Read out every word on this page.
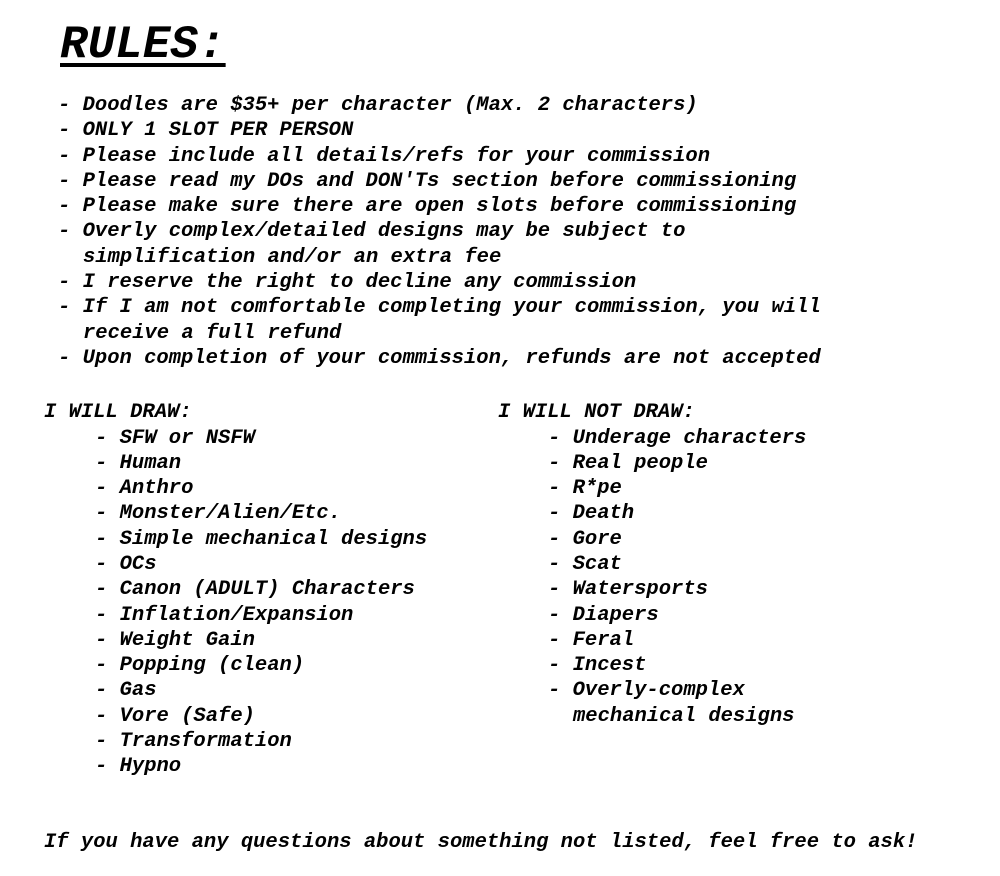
RULES:
- Doodles are $35+ per character (Max. 2 characters)
- ONLY 1 SLOT PER PERSON
- Please include all details/refs for your commission
- Please read my DOs and DON'Ts section before commissioning
- Please make sure there are open slots before commissioning
- Overly complex/detailed designs may be subject to
simplification and/or an extra fee
- I reserve the right to decline any commission
- If I am not comfortable completing your commission, you will
receive a full refund
- Upon completion of your commission, refunds are not accepted
I WILL DRAW:
- SFW or NSFW
- Human
- Anthro
- Monster/Alien/Etc.
- Simple mechanical designs
- OCs
- Canon (ADULT) Characters
- Inflation/Expansion
- Weight Gain
- Popping (clean)
- Gas
- Vore (Safe)
- Transformation
- Hypno
I WILL NOT DRAW:
- Underage characters
- Real people
- R*pe
- Death
- Gore
- Scat
- Watersports
- Diapers
- Feral
- Incest
- Overly-complex
mechanical designs

If you have any questions about something not listed, feel free to ask!
